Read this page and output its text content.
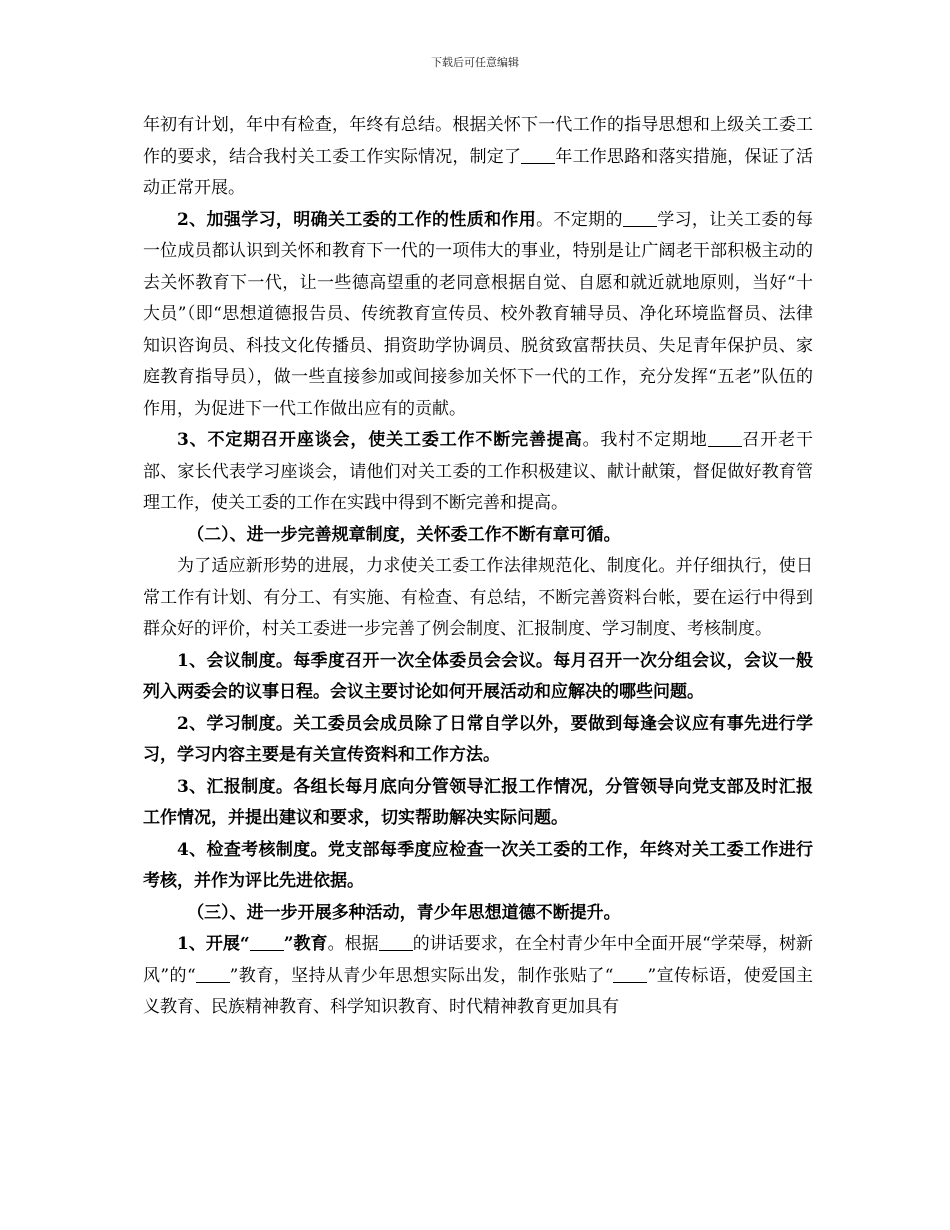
下载后可任意编辑

年初有计划，年中有检查，年终有总结。根据关怀下一代工作的指导思想和上级关工委工作的要求，结合我村关工委工作实际情况，制定了 年工作思路和落实措施，保证了活动正常开展。

2、加强学习，明确关工委的工作的性质和作用。不定期的 学习，让关工委的每一位成员都认识到关怀和教育下一代的一项伟大的事业，特别是让广阔老干部积极主动的去关怀教育下一代，让一些德高望重的老同意根据自觉、自愿和就近就地原则，当好“十大员”（即“思想道德报告员、传统教育宣传员、校外教育辅导员、净化环境监督员、法律知识咨询员、科技文化传播员、捐资助学协调员、脱贫致富帮扶员、失足青年保护员、家庭教育指导员），做一些直接参加或间接参加关怀下一代的工作，充分发挥“五老”队伍的作用，为促进下一代工作做出应有的贡献。

3、不定期召开座谈会，使关工委工作不断完善提高。我村不定期地 召开老干部、家长代表学习座谈会，请他们对关工委的工作积极建议、献计献策，督促做好教育管理工作，使关工委的工作在实践中得到不断完善和提高。

（二）、进一步完善规章制度，关怀委工作不断有章可循。

为了适应新形势的进展，力求使关工委工作法律规范化、制度化。并仔细执行，使日常工作有计划、有分工、有实施、有检查、有总结，不断完善资料台帐，要在运行中得到群众好的评价，村关工委进一步完善了例会制度、汇报制度、学习制度、考核制度。

1、会议制度。每季度召开一次全体委员会会议。每月召开一次分组会议，会议一般列入两委会的议事日程。会议主要讨论如何开展活动和应解决的哪些问题。

2、学习制度。关工委员会成员除了日常自学以外，要做到每逢会议应有事先进行学习，学习内容主要是有关宣传资料和工作方法。

3、汇报制度。各组长每月底向分管领导汇报工作情况，分管领导向党支部及时汇报工作情况，并提出建议和要求，切实帮助解决实际问题。

4、检查考核制度。党支部每季度应检查一次关工委的工作，年终对关工委工作进行考核，并作为评比先进依据。

（三）、进一步开展多种活动，青少年思想道德不断提升。

1、开展“ ”教育。根据 的讲话要求，在全村青少年中全面开展“学荣辱，树新风”的“ ”教育，坚持从青少年思想实际出发，制作张贴了“ ”宣传标语，使爱国主义教育、民族精神教育、科学知识教育、时代精神教育更加具有
